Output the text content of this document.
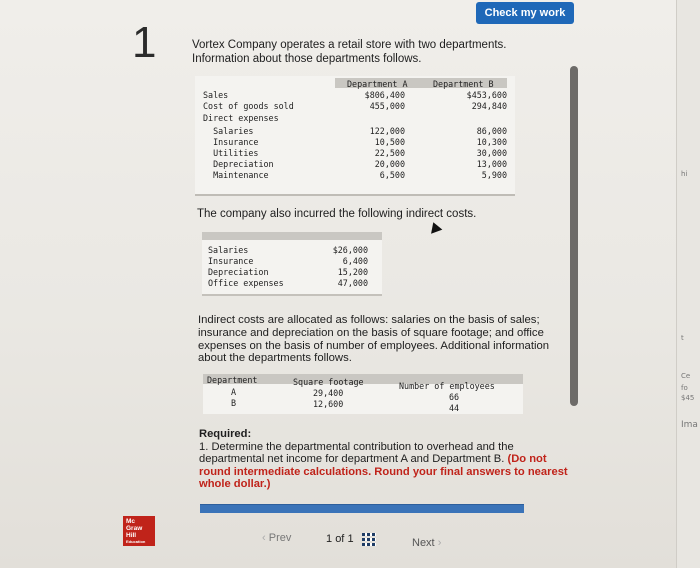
hi
t
Ce
fo
$45
Ima
Check my work
1	Vortex Company operates a retail store with two departments. Information about those departments follows.
Department A	Department B
Sales	$806,400	$453,600
Cost of goods sold	455,000	294,840
Direct expenses
Salaries	122,000	86,000
Insurance	10,500	10,300
Utilities	22,500	30,000
Depreciation	20,000	13,000
Maintenance	6,500	5,900
The company also incurred the following indirect costs.
Salaries	$26,000
Insurance	6,400
Depreciation	15,200
Office expenses	47,000
Indirect costs are allocated as follows: salaries on the basis of sales; insurance and depreciation on the basis of square footage; and office expenses on the basis of number of employees. Additional information about the departments follows.
Department	Square footage	Number of employees
A	29,400	66
B	12,600	44
Required:
1. Determine the departmental contribution to overhead and the departmental net income for department A and Department B. (Do not round intermediate calculations. Round your final answers to nearest whole dollar.)
Mc
Graw
Hill
Education	‹ Prev	1 of 1	Next ›
